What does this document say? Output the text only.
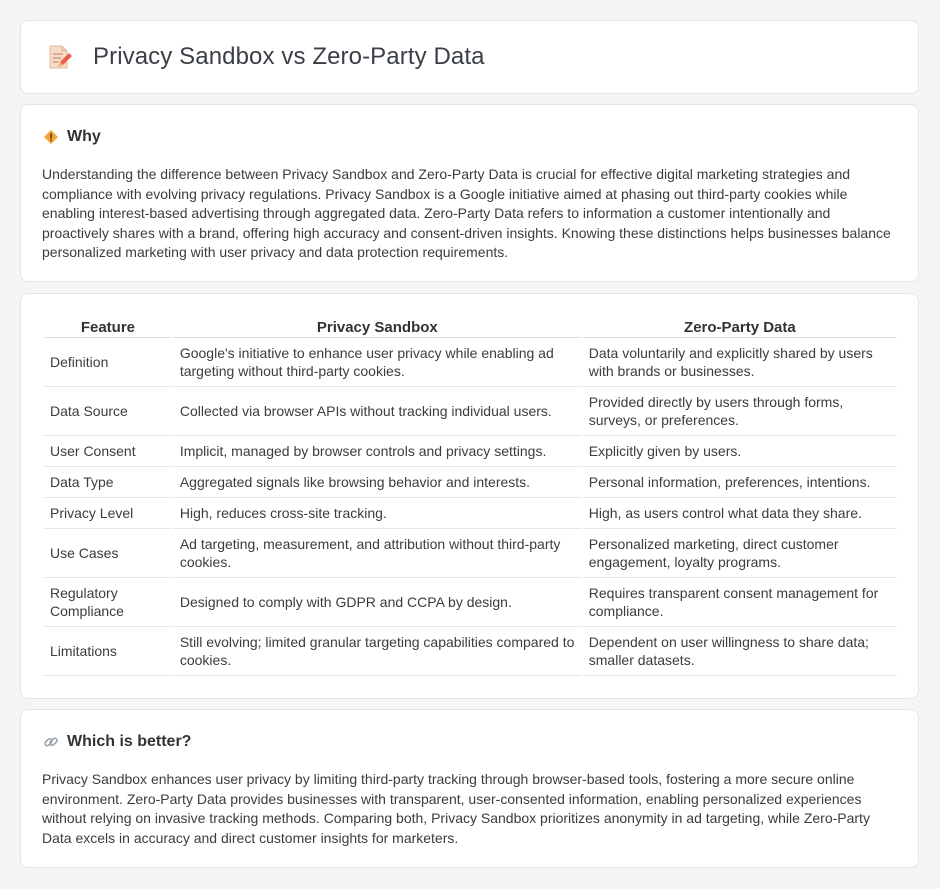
Privacy Sandbox vs Zero-Party Data
Why

Understanding the difference between Privacy Sandbox and Zero-Party Data is crucial for effective digital marketing strategies and compliance with evolving privacy regulations. Privacy Sandbox is a Google initiative aimed at phasing out third-party cookies while enabling interest-based advertising through aggregated data. Zero-Party Data refers to information a customer intentionally and proactively shares with a brand, offering high accuracy and consent-driven insights. Knowing these distinctions helps businesses balance personalized marketing with user privacy and data protection requirements.

Feature	Privacy Sandbox	Zero-Party Data
Definition	Google's initiative to enhance user privacy while enabling ad targeting without third-party cookies.	Data voluntarily and explicitly shared by users with brands or businesses.
Data Source	Collected via browser APIs without tracking individual users.	Provided directly by users through forms, surveys, or preferences.
User Consent	Implicit, managed by browser controls and privacy settings.	Explicitly given by users.
Data Type	Aggregated signals like browsing behavior and interests.	Personal information, preferences, intentions.
Privacy Level	High, reduces cross-site tracking.	High, as users control what data they share.
Use Cases	Ad targeting, measurement, and attribution without third-party cookies.	Personalized marketing, direct customer engagement, loyalty programs.
Regulatory Compliance	Designed to comply with GDPR and CCPA by design.	Requires transparent consent management for compliance.
Limitations	Still evolving; limited granular targeting capabilities compared to cookies.	Dependent on user willingness to share data; smaller datasets.
Which is better?

Privacy Sandbox enhances user privacy by limiting third-party tracking through browser-based tools, fostering a more secure online environment. Zero-Party Data provides businesses with transparent, user-consented information, enabling personalized experiences without relying on invasive tracking methods. Comparing both, Privacy Sandbox prioritizes anonymity in ad targeting, while Zero-Party Data excels in accuracy and direct customer insights for marketers.
